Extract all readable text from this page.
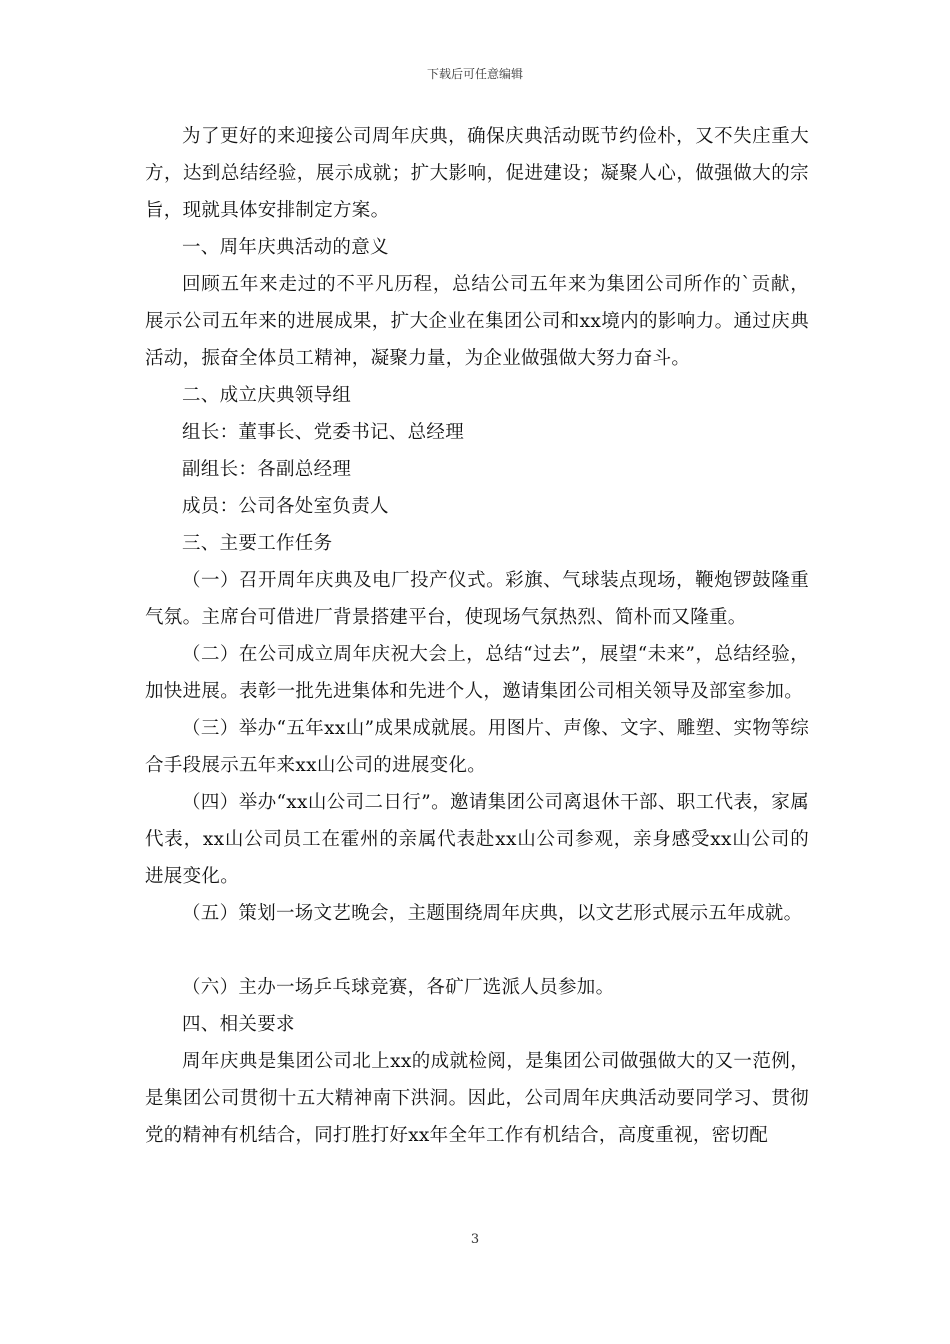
下载后可任意编辑

为了更好的来迎接公司周年庆典，确保庆典活动既节约俭朴，又不失庄重大方，达到总结经验，展示成就；扩大影响，促进建设；凝聚人心，做强做大的宗旨，现就具体安排制定方案。

一、周年庆典活动的意义

回顾五年来走过的不平凡历程，总结公司五年来为集团公司所作的`贡献，展示公司五年来的进展成果，扩大企业在集团公司和xx境内的影响力。通过庆典活动，振奋全体员工精神，凝聚力量，为企业做强做大努力奋斗。

二、成立庆典领导组

组长：董事长、党委书记、总经理

副组长：各副总经理

成员：公司各处室负责人

三、主要工作任务

（一）召开周年庆典及电厂投产仪式。彩旗、气球装点现场，鞭炮锣鼓隆重气氛。主席台可借进厂背景搭建平台，使现场气氛热烈、简朴而又隆重。

（二）在公司成立周年庆祝大会上，总结“过去”，展望“未来”，总结经验，加快进展。表彰一批先进集体和先进个人，邀请集团公司相关领导及部室参加。

（三）举办“五年xx山”成果成就展。用图片、声像、文字、雕塑、实物等综合手段展示五年来xx山公司的进展变化。

（四）举办“xx山公司二日行”。邀请集团公司离退休干部、职工代表，家属代表，xx山公司员工在霍州的亲属代表赴xx山公司参观，亲身感受xx山公司的进展变化。

（五）策划一场文艺晚会，主题围绕周年庆典，以文艺形式展示五年成就。

（六）主办一场乒乓球竞赛，各矿厂选派人员参加。

四、相关要求

周年庆典是集团公司北上xx的成就检阅，是集团公司做强做大的又一范例，是集团公司贯彻十五大精神南下洪洞。因此，公司周年庆典活动要同学习、贯彻党的精神有机结合，同打胜打好xx年全年工作有机结合，高度重视，密切配

3
